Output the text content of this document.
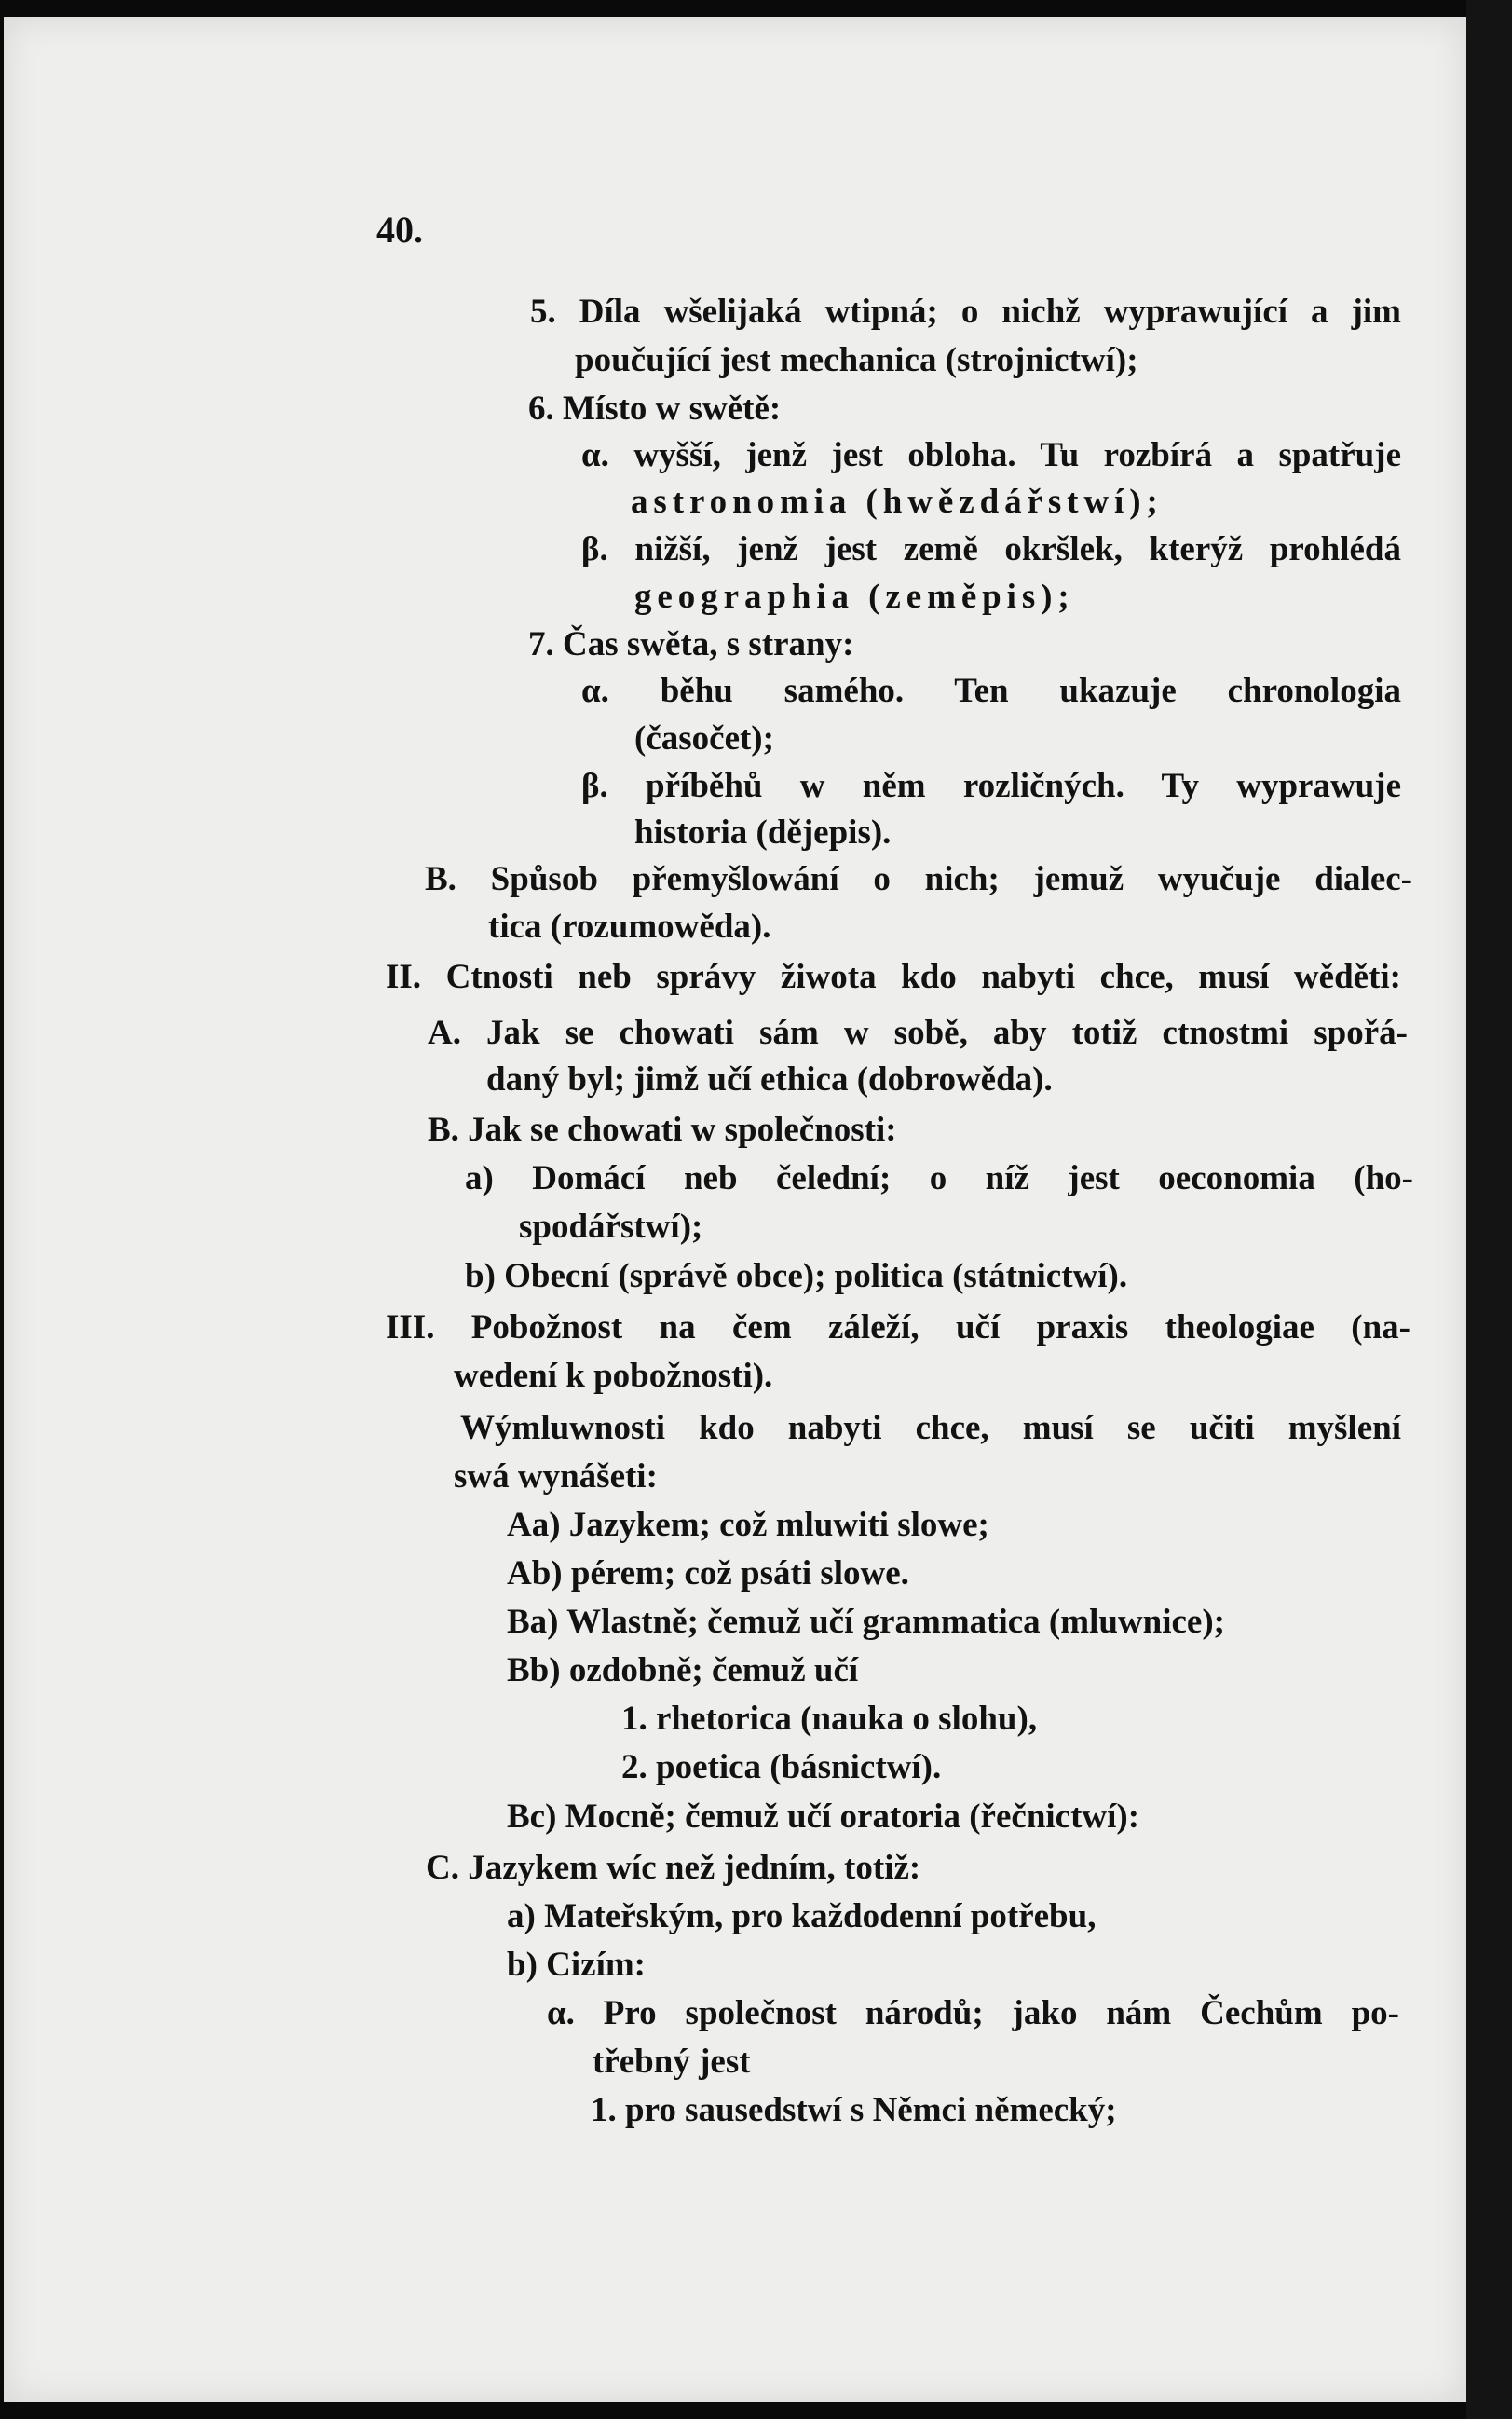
40.
5. Díla wšelijaká wtipná; o nichž wyprawující a jim
poučující jest mechanica (strojnictwí);
6. Místo w swětě:
α. wyšší, jenž jest obloha. Tu rozbírá a spatřuje
astronomia (hwězdářstwí);
β. nižší, jenž jest země okršlek, kterýž prohlédá
geographia (zeměpis);
7. Čas swěta, s strany:
α. běhu samého. Ten ukazuje chronologia
(časočet);
β. příběhů w něm rozličných. Ty wyprawuje
historia (dějepis).
B. Spůsob přemyšlowání o nich; jemuž wyučuje dialec-
tica (rozumowěda).
II. Ctnosti neb správy žiwota kdo nabyti chce, musí wěděti:
A. Jak se chowati sám w sobě, aby totiž ctnostmi spořá-
daný byl; jimž učí ethica (dobrowěda).
B. Jak se chowati w společnosti:
a) Domácí neb čelední; o níž jest oeconomia (ho-
spodářstwí);
b) Obecní (správě obce); politica (státnictwí).
III. Pobožnost na čem záleží, učí praxis theologiae (na-
wedení k pobožnosti).
Wýmluwnosti kdo nabyti chce, musí se učiti myšlení
swá wynášeti:
Aa) Jazykem; což mluwiti slowe;
Ab) pérem; což psáti slowe.
Ba) Wlastně; čemuž učí grammatica (mluwnice);
Bb) ozdobně; čemuž učí
1. rhetorica (nauka o slohu),
2. poetica (básnictwí).
Bc) Mocně; čemuž učí oratoria (řečnictwí):
C. Jazykem wíc než jedním, totiž:
a) Mateřským, pro každodenní potřebu,
b) Cizím:
α. Pro společnost národů; jako nám Čechům po-
třebný jest
1. pro sausedstwí s Němci německý;
